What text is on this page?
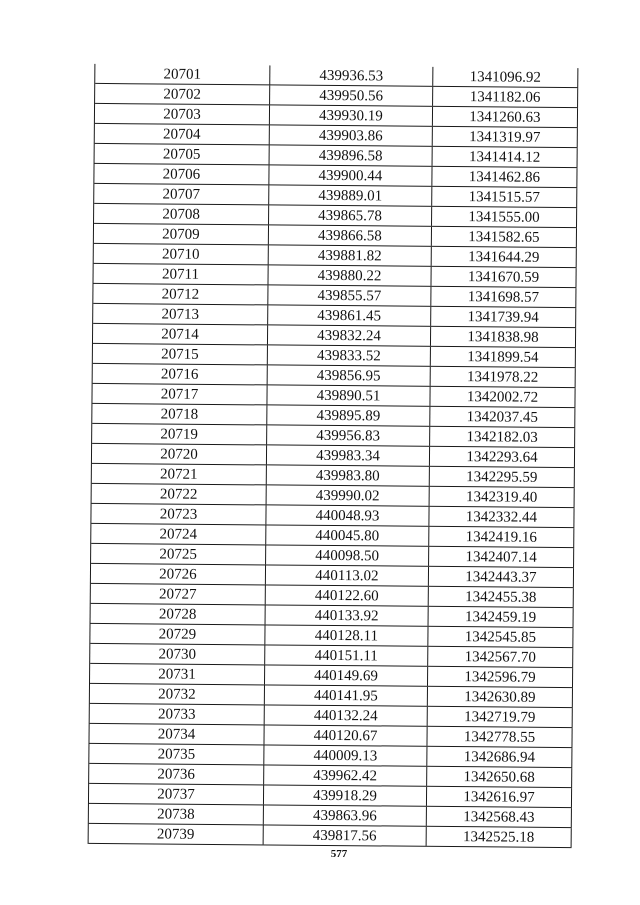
20701	439936.53	1341096.92
20702	439950.56	1341182.06
20703	439930.19	1341260.63
20704	439903.86	1341319.97
20705	439896.58	1341414.12
20706	439900.44	1341462.86
20707	439889.01	1341515.57
20708	439865.78	1341555.00
20709	439866.58	1341582.65
20710	439881.82	1341644.29
20711	439880.22	1341670.59
20712	439855.57	1341698.57
20713	439861.45	1341739.94
20714	439832.24	1341838.98
20715	439833.52	1341899.54
20716	439856.95	1341978.22
20717	439890.51	1342002.72
20718	439895.89	1342037.45
20719	439956.83	1342182.03
20720	439983.34	1342293.64
20721	439983.80	1342295.59
20722	439990.02	1342319.40
20723	440048.93	1342332.44
20724	440045.80	1342419.16
20725	440098.50	1342407.14
20726	440113.02	1342443.37
20727	440122.60	1342455.38
20728	440133.92	1342459.19
20729	440128.11	1342545.85
20730	440151.11	1342567.70
20731	440149.69	1342596.79
20732	440141.95	1342630.89
20733	440132.24	1342719.79
20734	440120.67	1342778.55
20735	440009.13	1342686.94
20736	439962.42	1342650.68
20737	439918.29	1342616.97
20738	439863.96	1342568.43
20739	439817.56	1342525.18
577
